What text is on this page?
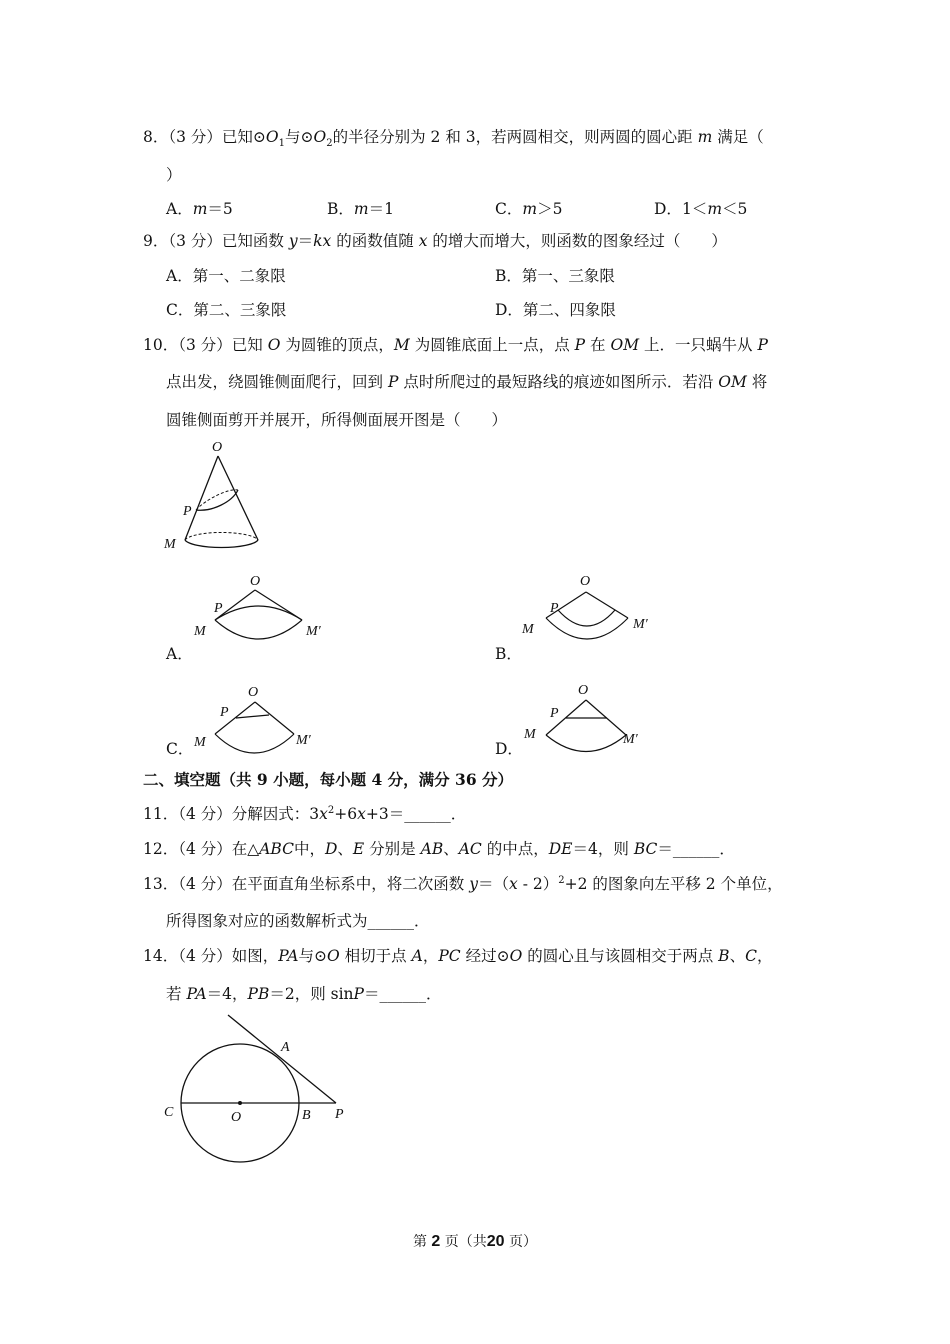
8．（3 分）已知$⊙O_1$与$⊙O_2$的半径分别为 2 和 3，若两圆相交，则两圆的圆心距 m 满足（
）
A．m＝5	B．m＝1	C．m＞5	D．1＜m＜5
9．（3 分）已知函数 y＝kx 的函数值随 x 的增大而增大，则函数的图象经过（　　）
A．第一、二象限	B．第一、三象限
C．第二、三象限	D．第二、四象限
10．（3 分）已知 O 为圆锥的顶点，M 为圆锥底面上一点，点 P 在 OM 上．一只蜗牛从 P
点出发，绕圆锥侧面爬行，回到 P 点时所爬过的最短路线的痕迹如图所示．若沿 OM 将
圆锥侧面剪开并展开，所得侧面展开图是（　　）
O
P
M
A．
O
P
M	M′
B．
O
P
M	M′
C．
O
P
M	M′	D．
O
P
M	M′
二、填空题（共 9 小题，每小题 4 分，满分 36 分）
11．（4 分）分解因式：$3x^2+6x+3=\_\_\_\_\_\_$．
12．（4 分）在△ABC中，D、E 分别是 AB、AC 的中点，DE＝4，则 BC＝______．
13．（4 分）在平面直角坐标系中，将二次函数 y＝（x - 2）$^2$+2 的图象向左平移 2 个单位，
所得图象对应的函数解析式为______．
14．（4 分）如图，PA与⊙O 相切于点 A，PC 经过⊙O 的圆心且与该圆相交于两点 B、C，
若 PA＝4，PB＝2，则 sinP＝______．
A
C	O	B P
第 2 页（共20 页）
